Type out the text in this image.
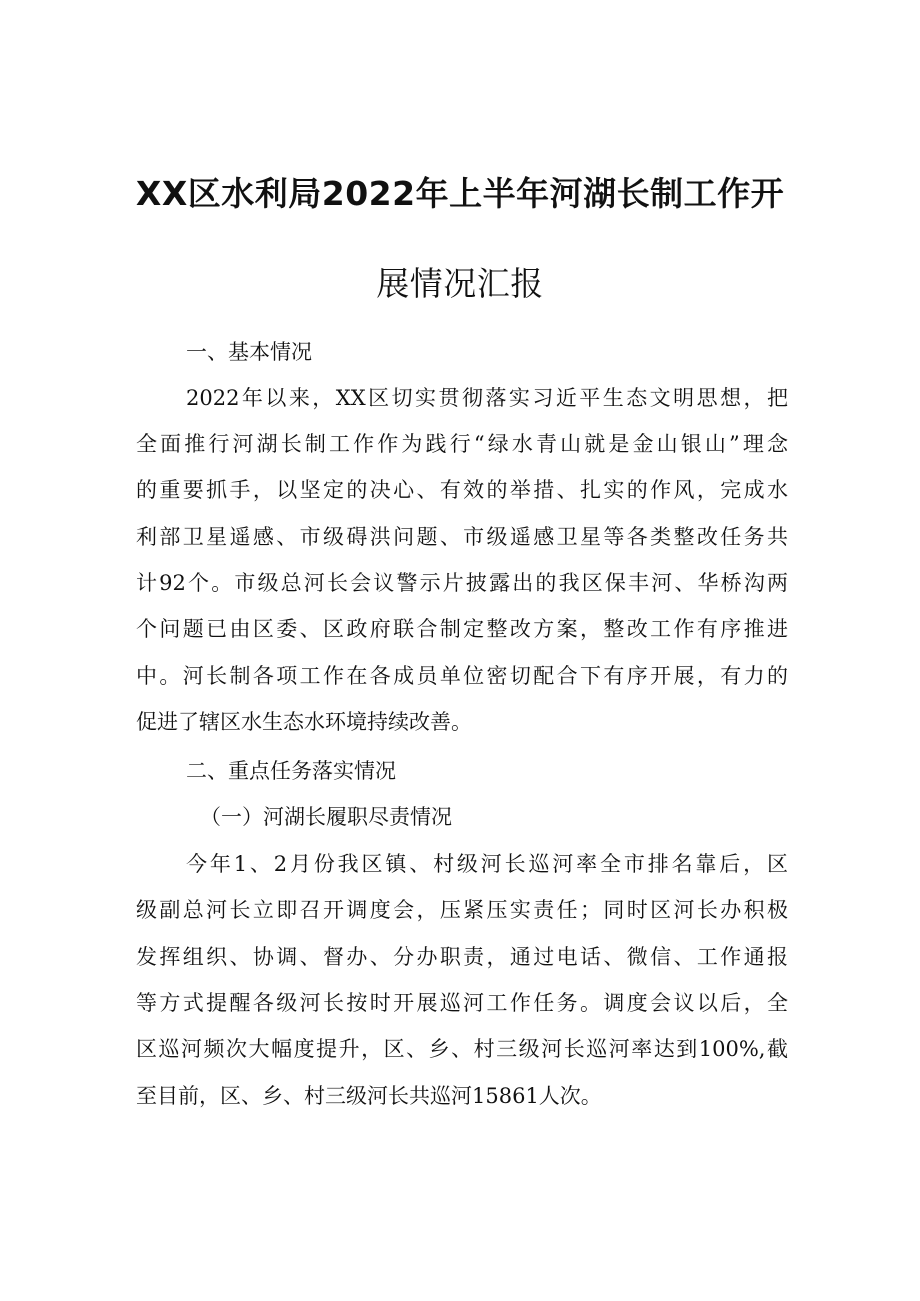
XX区水利局2022年上半年河湖长制工作开
展情况汇报

一、基本情况

2022年以来，XX区切实贯彻落实习近平生态文明思想，把

全面推行河湖长制工作作为践行“绿水青山就是金山银山”理念

的重要抓手，以坚定的决心、有效的举措、扎实的作风，完成水

利部卫星遥感、市级碍洪问题、市级遥感卫星等各类整改任务共

计92个。市级总河长会议警示片披露出的我区保丰河、华桥沟两

个问题已由区委、区政府联合制定整改方案，整改工作有序推进

中。河长制各项工作在各成员单位密切配合下有序开展，有力的

促进了辖区水生态水环境持续改善。

二、重点任务落实情况

（一）河湖长履职尽责情况

今年1、2月份我区镇、村级河长巡河率全市排名靠后，区

级副总河长立即召开调度会，压紧压实责任；同时区河长办积极

发挥组织、协调、督办、分办职责，通过电话、微信、工作通报

等方式提醒各级河长按时开展巡河工作任务。调度会议以后，全

区巡河频次大幅度提升，区、乡、村三级河长巡河率达到100%,截

至目前，区、乡、村三级河长共巡河15861人次。
